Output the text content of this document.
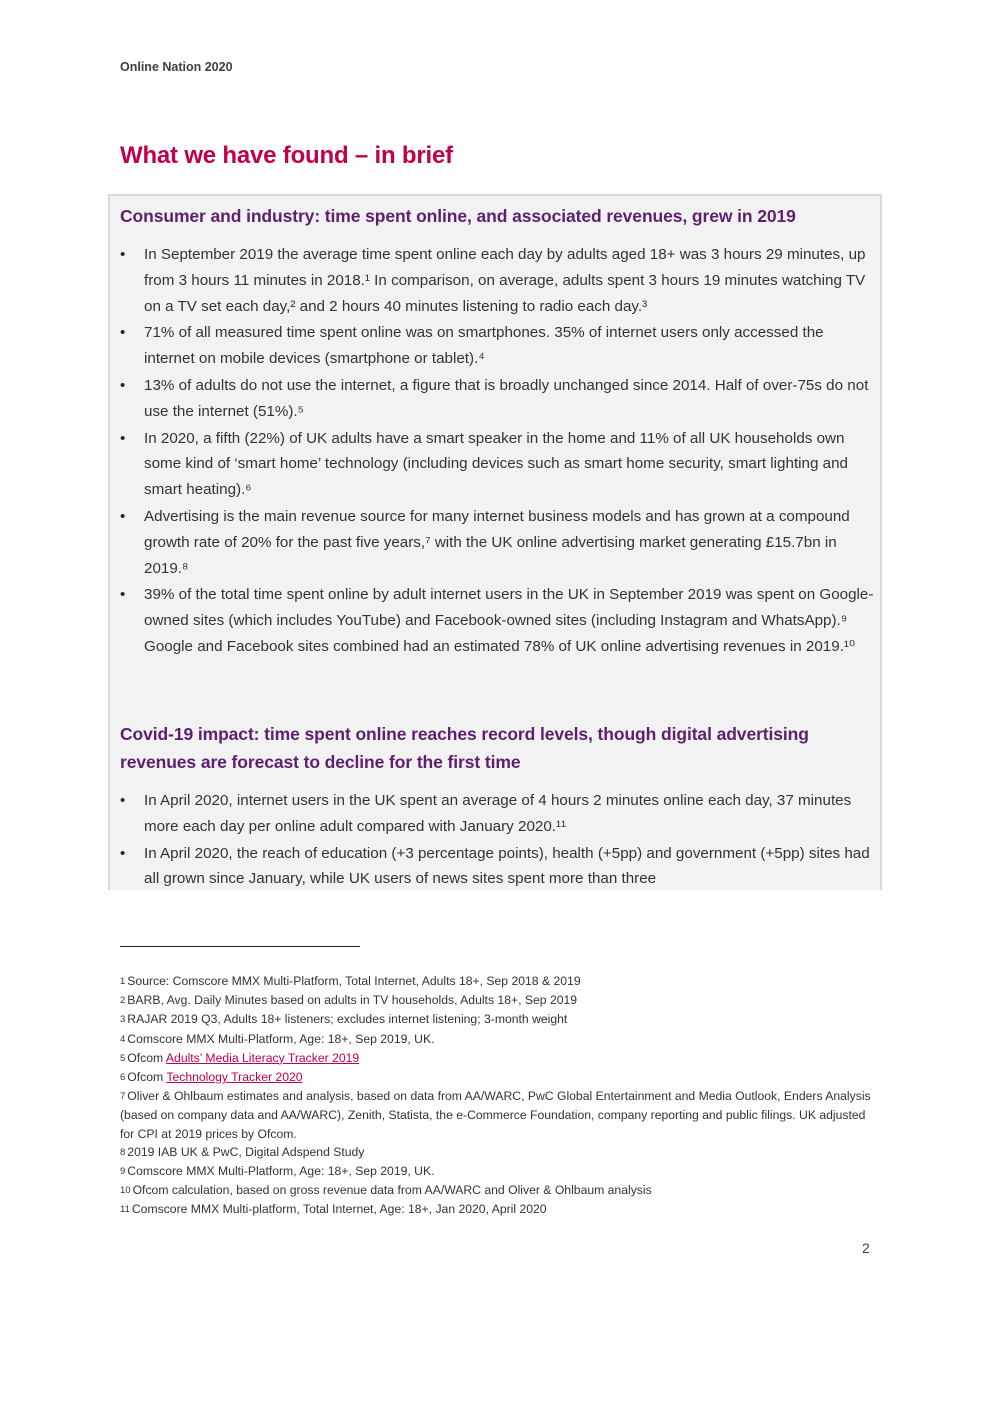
Online Nation 2020
What we have found – in brief
Consumer and industry: time spent online, and associated revenues, grew in 2019
• In September 2019 the average time spent online each day by adults aged 18+ was 3 hours 29 minutes, up from 3 hours 11 minutes in 2018.¹ In comparison, on average, adults spent 3 hours 19 minutes watching TV on a TV set each day,² and 2 hours 40 minutes listening to radio each day.³
• 71% of all measured time spent online was on smartphones. 35% of internet users only accessed the internet on mobile devices (smartphone or tablet).⁴
• 13% of adults do not use the internet, a figure that is broadly unchanged since 2014. Half of over-75s do not use the internet (51%).⁵
• In 2020, a fifth (22%) of UK adults have a smart speaker in the home and 11% of all UK households own some kind of ‘smart home’ technology (including devices such as smart home security, smart lighting and smart heating).⁶
• Advertising is the main revenue source for many internet business models and has grown at a compound growth rate of 20% for the past five years,⁷ with the UK online advertising market generating £15.7bn in 2019.⁸
• 39% of the total time spent online by adult internet users in the UK in September 2019 was spent on Google-owned sites (which includes YouTube) and Facebook-owned sites (including Instagram and WhatsApp).⁹ Google and Facebook sites combined had an estimated 78% of UK online advertising revenues in 2019.¹⁰
Covid-19 impact: time spent online reaches record levels, though digital advertising revenues are forecast to decline for the first time
• In April 2020, internet users in the UK spent an average of 4 hours 2 minutes online each day, 37 minutes more each day per online adult compared with January 2020.¹¹
• In April 2020, the reach of education (+3 percentage points), health (+5pp) and government (+5pp) sites had all grown since January, while UK users of news sites spent more than three

1 Source: Comscore MMX Multi-Platform, Total Internet, Adults 18+, Sep 2018 & 2019

2 BARB, Avg. Daily Minutes based on adults in TV households, Adults 18+, Sep 2019

3 RAJAR 2019 Q3, Adults 18+ listeners; excludes internet listening; 3-month weight

4 Comscore MMX Multi-Platform, Age: 18+, Sep 2019, UK.

5 Ofcom Adults’ Media Literacy Tracker 2019

6 Ofcom Technology Tracker 2020

7 Oliver & Ohlbaum estimates and analysis, based on data from AA/WARC, PwC Global Entertainment and Media Outlook, Enders Analysis (based on company data and AA/WARC), Zenith, Statista, the e-Commerce Foundation, company reporting and public filings. UK adjusted for CPI at 2019 prices by Ofcom.

8 2019 IAB UK & PwC, Digital Adspend Study

9 Comscore MMX Multi-Platform, Age: 18+, Sep 2019, UK.

10 Ofcom calculation, based on gross revenue data from AA/WARC and Oliver & Ohlbaum analysis

11 Comscore MMX Multi-platform, Total Internet, Age: 18+, Jan 2020, April 2020

2
